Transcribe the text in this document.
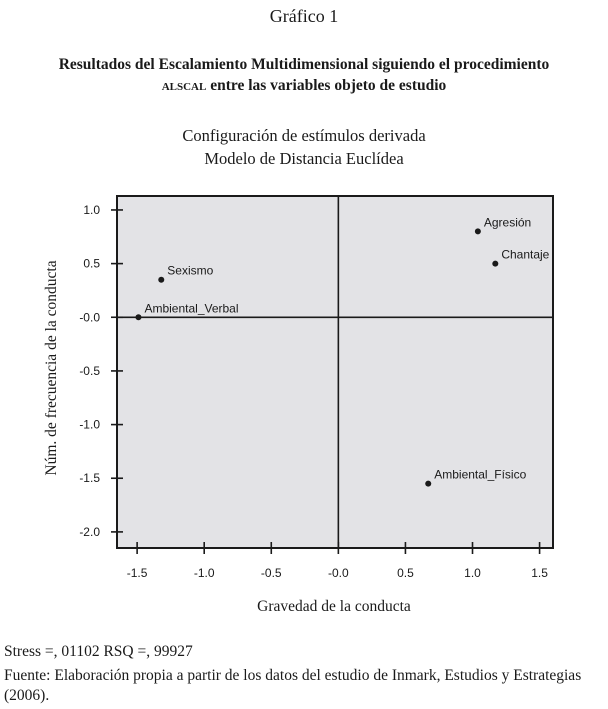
Gráfico 1
Resultados del Escalamiento Multidimensional siguiendo el procedimiento
alscal entre las variables objeto de estudio
Configuración de estímulos derivada
Modelo de Distancia Euclídea
1.0
0.5
-0.0
-0.5
-1.0
-1.5
-2.0
-1.5	-1.0	-0.5	-0.0	0.5	1.0	1.5
Agresión
Chantaje
Sexismo
Ambiental_Verbal
Ambiental_Físico
Núm. de frecuencia de la conducta
Gravedad de la conducta
Stress =, 01102 RSQ =, 99927
Fuente: Elaboración propia a partir de los datos del estudio de Inmark, Estudios y Estrategias (2006).
